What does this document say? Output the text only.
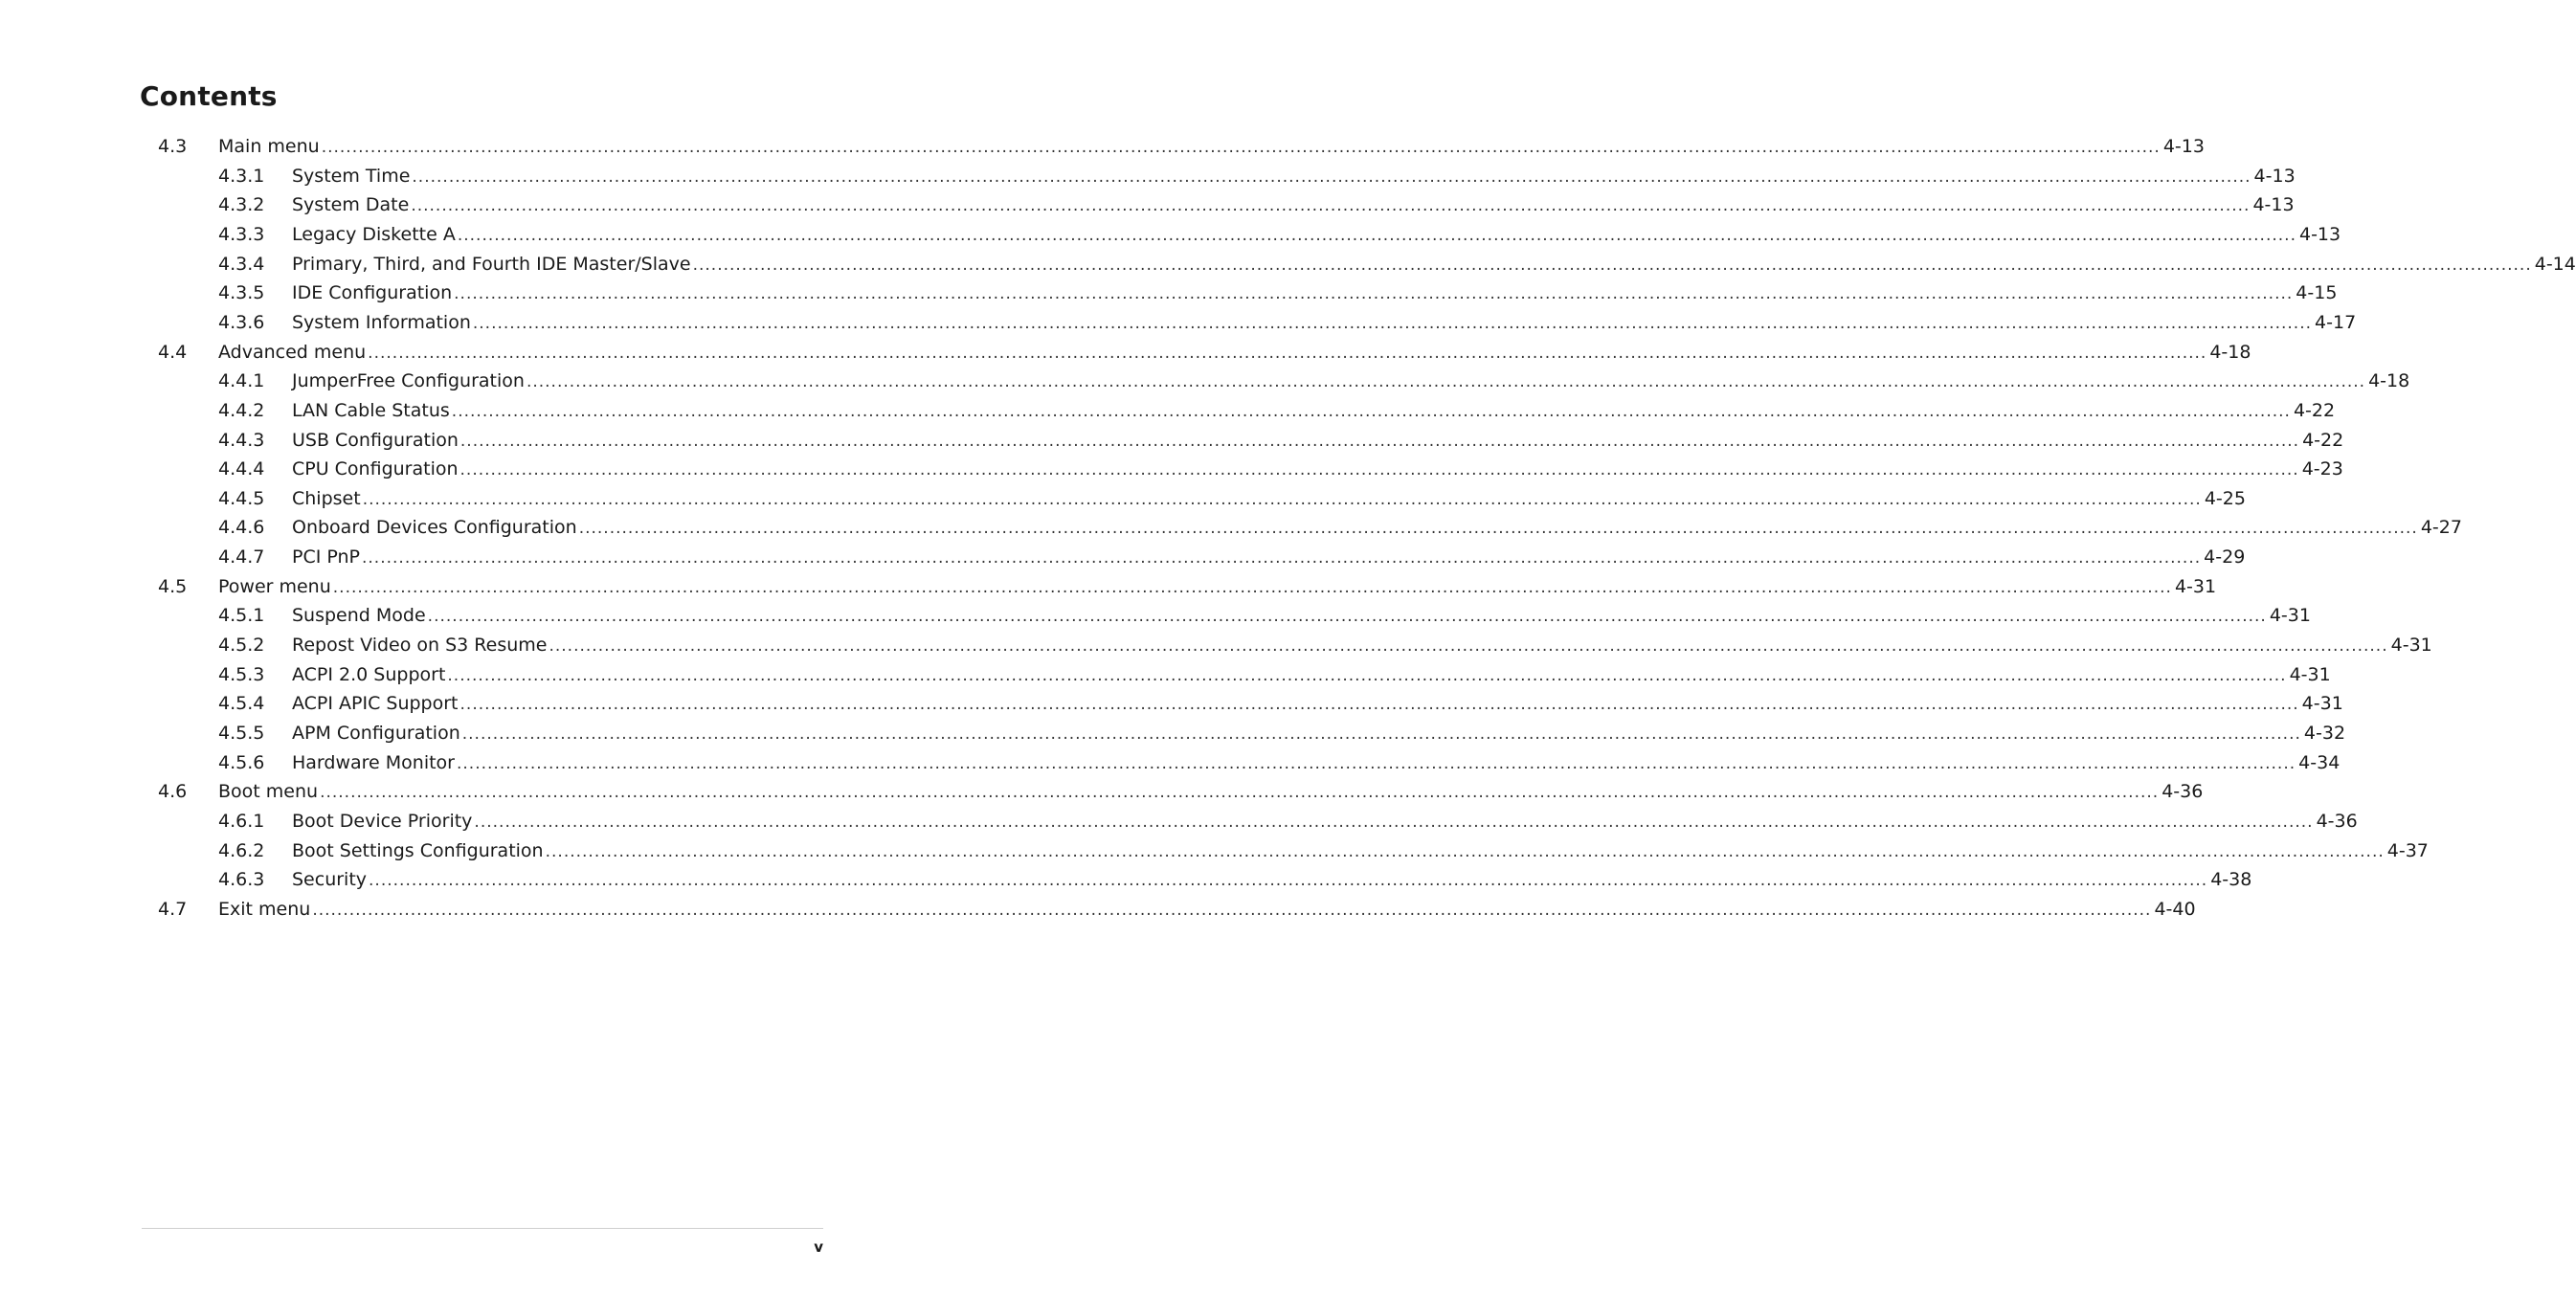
Contents
4.3 Main menu ............................................................................................................................................................................................................................................................................................................ 4-13
4.3.1 System Time ............................................................................................................................................................................................................................................................................................................ 4-13
4.3.2 System Date ............................................................................................................................................................................................................................................................................................................ 4-13
4.3.3 Legacy Diskette A ............................................................................................................................................................................................................................................................................................................ 4-13
4.3.4 Primary, Third, and Fourth IDE Master/Slave ............................................................................................................................................................................................................................................................................................................ 4-14
4.3.5 IDE Configuration ............................................................................................................................................................................................................................................................................................................ 4-15
4.3.6 System Information ............................................................................................................................................................................................................................................................................................................ 4-17
4.4 Advanced menu ............................................................................................................................................................................................................................................................................................................ 4-18
4.4.1 JumperFree Configuration ............................................................................................................................................................................................................................................................................................................ 4-18
4.4.2 LAN Cable Status ............................................................................................................................................................................................................................................................................................................ 4-22
4.4.3 USB Configuration ............................................................................................................................................................................................................................................................................................................ 4-22
4.4.4 CPU Configuration ............................................................................................................................................................................................................................................................................................................ 4-23
4.4.5 Chipset ............................................................................................................................................................................................................................................................................................................ 4-25
4.4.6 Onboard Devices Configuration ............................................................................................................................................................................................................................................................................................................ 4-27
4.4.7 PCI PnP ............................................................................................................................................................................................................................................................................................................ 4-29
4.5 Power menu ............................................................................................................................................................................................................................................................................................................ 4-31
4.5.1 Suspend Mode ............................................................................................................................................................................................................................................................................................................ 4-31
4.5.2 Repost Video on S3 Resume ............................................................................................................................................................................................................................................................................................................ 4-31
4.5.3 ACPI 2.0 Support ............................................................................................................................................................................................................................................................................................................ 4-31
4.5.4 ACPI APIC Support ............................................................................................................................................................................................................................................................................................................ 4-31
4.5.5 APM Configuration ............................................................................................................................................................................................................................................................................................................ 4-32
4.5.6 Hardware Monitor ............................................................................................................................................................................................................................................................................................................ 4-34
4.6 Boot menu ............................................................................................................................................................................................................................................................................................................ 4-36
4.6.1 Boot Device Priority ............................................................................................................................................................................................................................................................................................................ 4-36
4.6.2 Boot Settings Configuration ............................................................................................................................................................................................................................................................................................................ 4-37
4.6.3 Security ............................................................................................................................................................................................................................................................................................................ 4-38
4.7 Exit menu ............................................................................................................................................................................................................................................................................................................ 4-40
v
